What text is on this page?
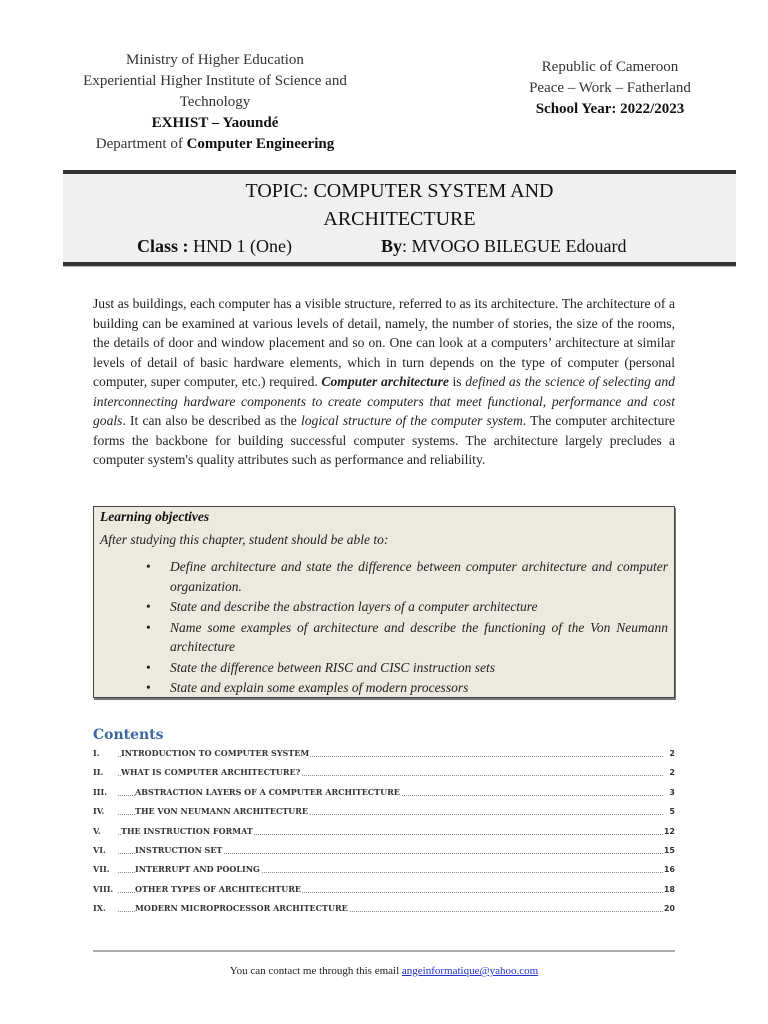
Ministry of Higher Education
Experiential Higher Institute of Science and
Technology
EXHIST – Yaoundé
Department of Computer Engineering
Republic of Cameroon
Peace – Work – Fatherland
School Year: 2022/2023
TOPIC: COMPUTER SYSTEM AND
ARCHITECTURE
Class : HND 1 (One)	By: MVOGO BILEGUE Edouard
Just as buildings, each computer has a visible structure, referred to as its architecture. The architecture of a building can be examined at various levels of detail, namely, the number of stories, the size of the rooms, the details of door and window placement and so on. One can look at a computers’ architecture at similar levels of detail of basic hardware elements, which in turn depends on the type of computer (personal computer, super computer, etc.) required. Computer architecture is defined as the science of selecting and interconnecting hardware components to create computers that meet functional, performance and cost goals. It can also be described as the logical structure of the computer system. The computer architecture forms the backbone for building successful computer systems. The architecture largely precludes a computer system's quality attributes such as performance and reliability.
Learning objectives
After studying this chapter, student should be able to:
• Define architecture and state the difference between computer architecture and computer organization.
• State and describe the abstraction layers of a computer architecture
• Name some examples of architecture and describe the functioning of the Von Neumann architecture
• State the difference between RISC and CISC instruction sets
• State and explain some examples of modern processors
Contents
I.	INTRODUCTION TO COMPUTER SYSTEM	2
II. WHAT IS COMPUTER ARCHITECTURE?	2
III.	ABSTRACTION LAYERS OF A COMPUTER ARCHITECTURE	3
IV.	THE VON NEUMANN ARCHITECTURE	5
V.	THE INSTRUCTION FORMAT	12
VI.	INSTRUCTION SET	15
VII.	INTERRUPT AND POOLING	16
VIII.	OTHER TYPES OF ARCHITECHTURE	18
IX.	MODERN MICROPROCESSOR ARCHITECTURE	20
You can contact me through this email angeinformatique@yahoo.com
